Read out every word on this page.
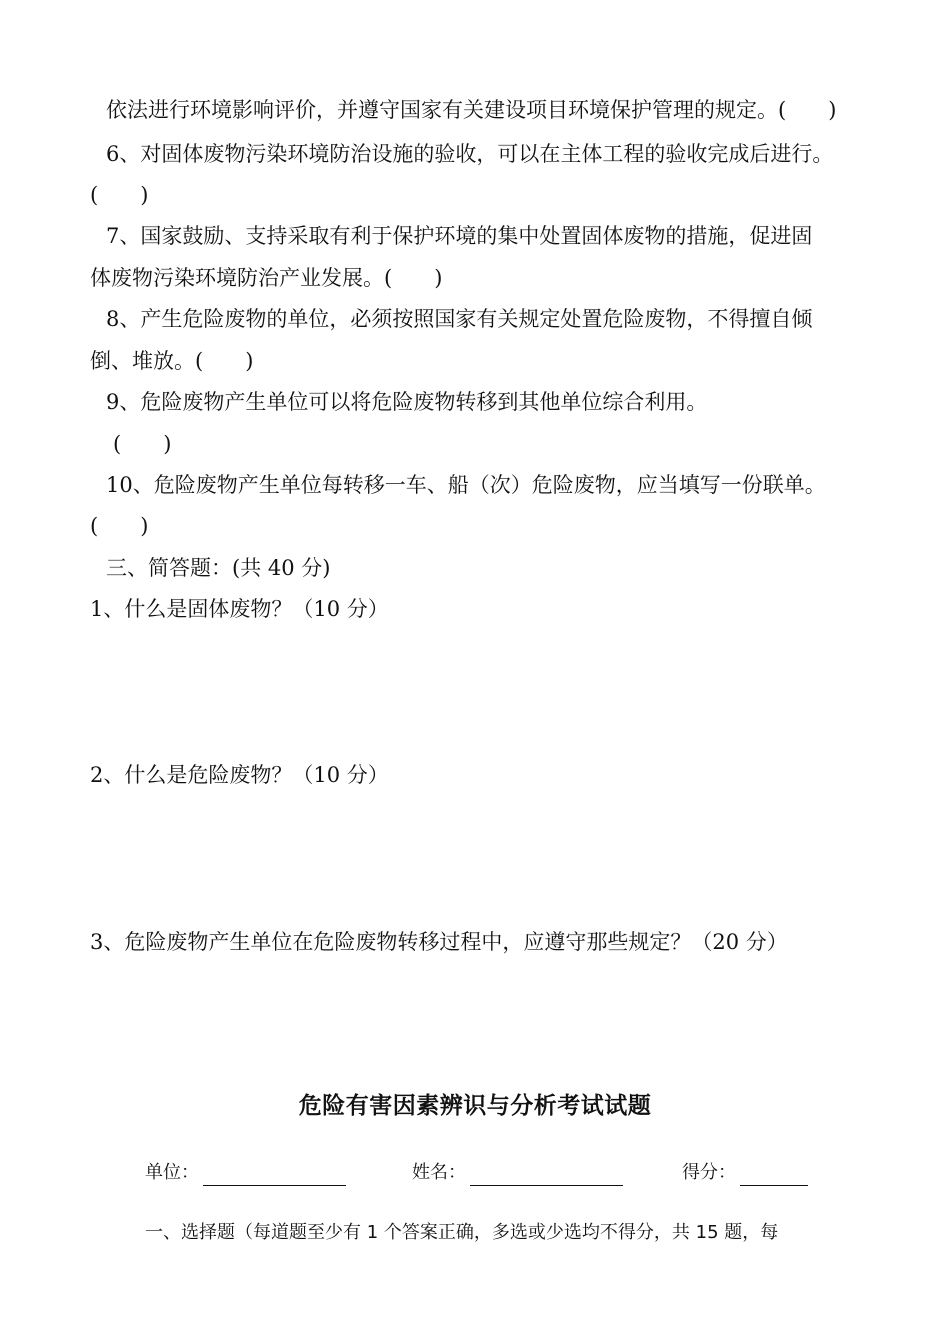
依法进行环境影响评价，并遵守国家有关建设项目环境保护管理的规定。(　　)
6、对固体废物污染环境防治设施的验收，可以在主体工程的验收完成后进行。
(　　)
7、国家鼓励、支持采取有利于保护环境的集中处置固体废物的措施，促进固
体废物污染环境防治产业发展。(　　)
8、产生危险废物的单位，必须按照国家有关规定处置危险废物，不得擅自倾
倒、堆放。(　　)
9、危险废物产生单位可以将危险废物转移到其他单位综合利用。
(　　)
10、危险废物产生单位每转移一车、船（次）危险废物，应当填写一份联单。
(　　)
三、简答题：(共 40 分)
1、什么是固体废物？（10 分）
2、什么是危险废物？（10 分）
3、危险废物产生单位在危险废物转移过程中，应遵守那些规定？（20 分）
危险有害因素辨识与分析考试试题
单位：	姓名：	得分：
一、选择题（每道题至少有 1 个答案正确，多选或少选均不得分，共 15 题，每
